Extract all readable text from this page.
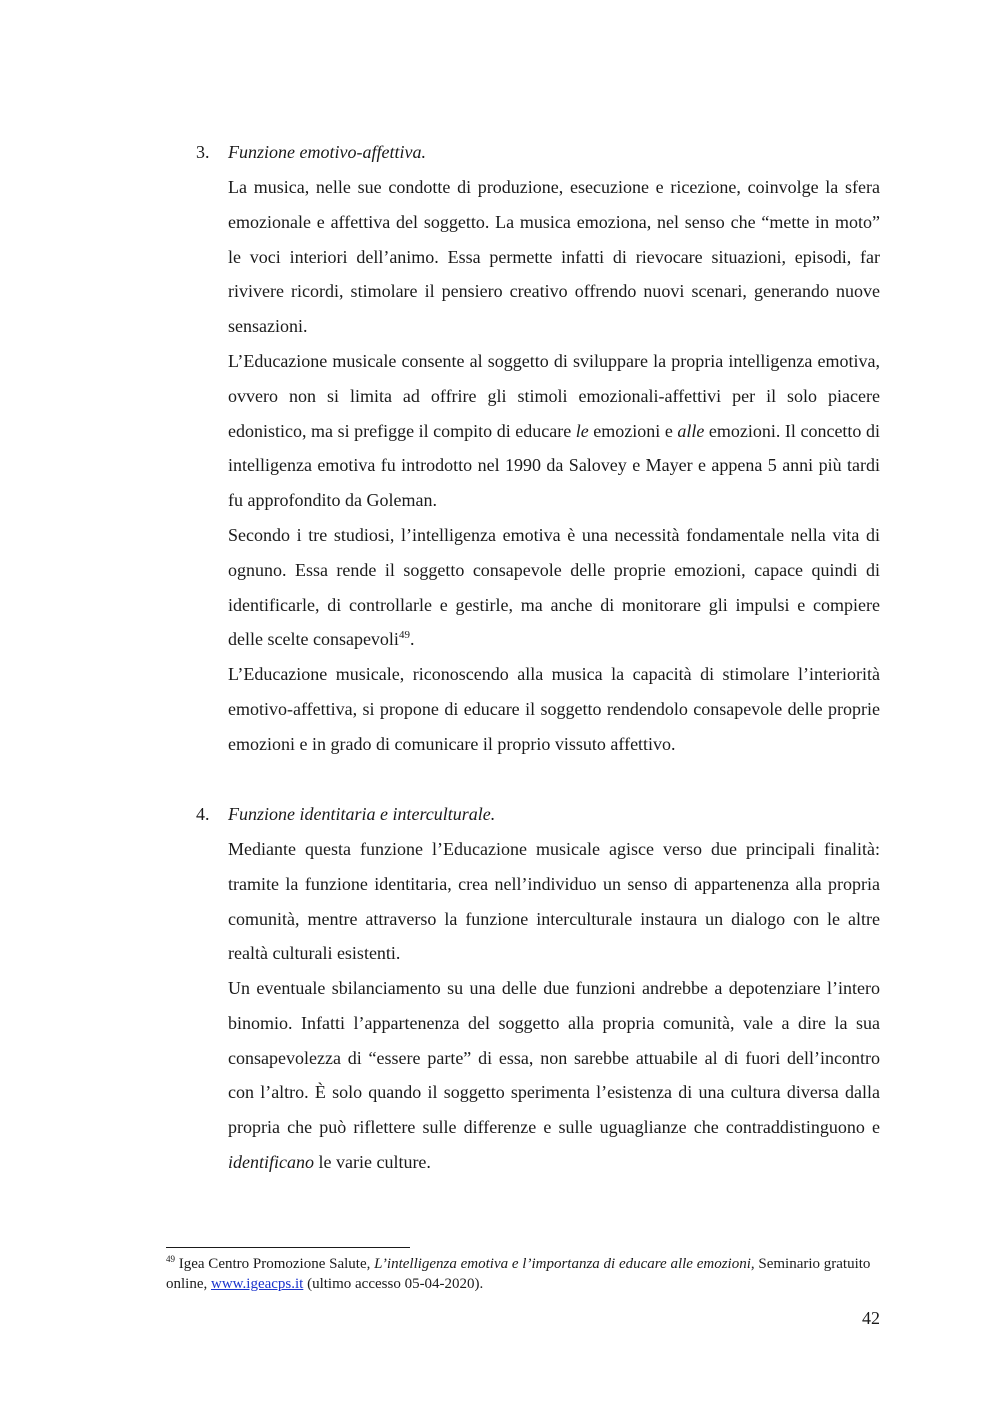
3. Funzione emotivo-affettiva.

La musica, nelle sue condotte di produzione, esecuzione e ricezione, coinvolge la sfera emozionale e affettiva del soggetto. La musica emoziona, nel senso che “mette in moto” le voci interiori dell’animo. Essa permette infatti di rievocare situazioni, episodi, far rivivere ricordi, stimolare il pensiero creativo offrendo nuovi scenari, generando nuove sensazioni.

L’Educazione musicale consente al soggetto di sviluppare la propria intelligenza emotiva, ovvero non si limita ad offrire gli stimoli emozionali-affettivi per il solo piacere edonistico, ma si prefigge il compito di educare le emozioni e alle emozioni. Il concetto di intelligenza emotiva fu introdotto nel 1990 da Salovey e Mayer e appena 5 anni più tardi fu approfondito da Goleman.

Secondo i tre studiosi, l’intelligenza emotiva è una necessità fondamentale nella vita di ognuno. Essa rende il soggetto consapevole delle proprie emozioni, capace quindi di identificarle, di controllarle e gestirle, ma anche di monitorare gli impulsi e compiere delle scelte consapevoli$^{49}$.

L’Educazione musicale, riconoscendo alla musica la capacità di stimolare l’interiorità emotivo-affettiva, si propone di educare il soggetto rendendolo consapevole delle proprie emozioni e in grado di comunicare il proprio vissuto affettivo.

4. Funzione identitaria e interculturale.

Mediante questa funzione l’Educazione musicale agisce verso due principali finalità: tramite la funzione identitaria, crea nell’individuo un senso di appartenenza alla propria comunità, mentre attraverso la funzione interculturale instaura un dialogo con le altre realtà culturali esistenti.

Un eventuale sbilanciamento su una delle due funzioni andrebbe a depotenziare l’intero binomio. Infatti l’appartenenza del soggetto alla propria comunità, vale a dire la sua consapevolezza di “essere parte” di essa, non sarebbe attuabile al di fuori dell’incontro con l’altro. È solo quando il soggetto sperimenta l’esistenza di una cultura diversa dalla propria che può riflettere sulle differenze e sulle uguaglianze che contraddistinguono e identificano le varie culture.

$^{49}$ Igea Centro Promozione Salute, L’intelligenza emotiva e l’importanza di educare alle emozioni, Seminario gratuito online, www.igeacps.it (ultimo accesso 05-04-2020).

42
